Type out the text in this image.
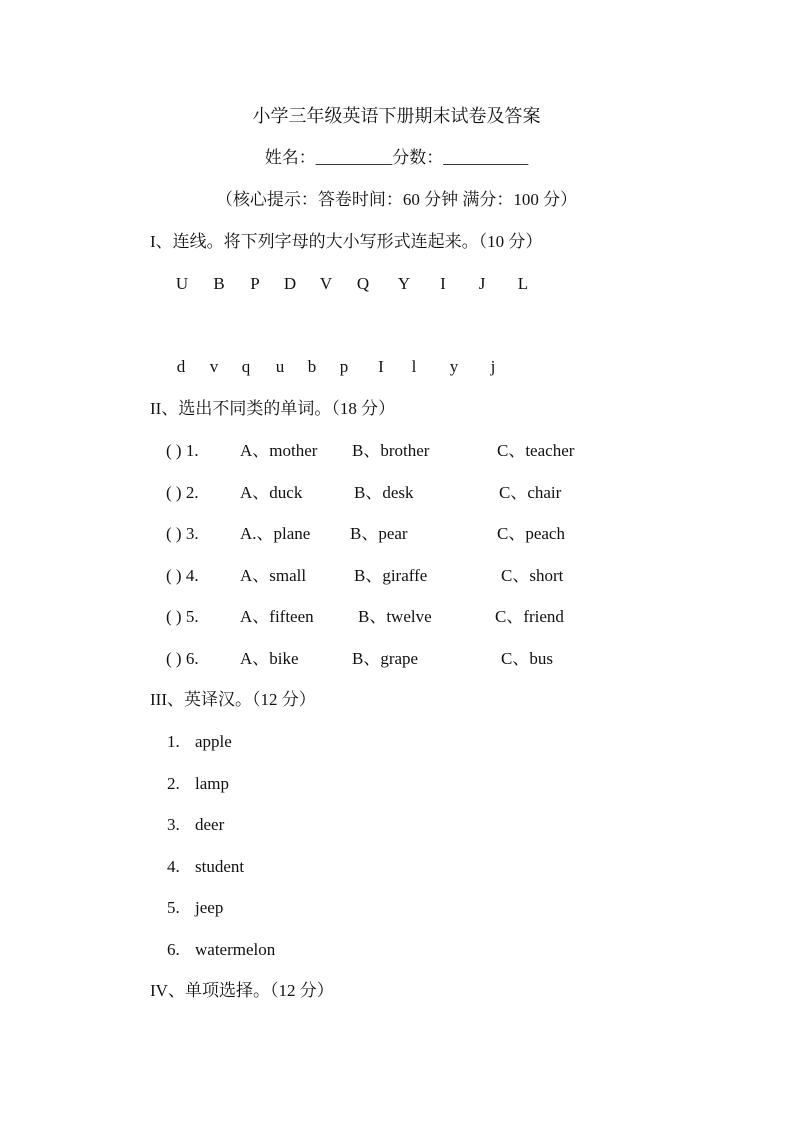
小学三年级英语下册期末试卷及答案
姓名：_________分数：__________
（核心提示：答卷时间：60 分钟 满分：100 分）
I、连线。将下列字母的大小写形式连起来。（10 分）
II、选出不同类的单词。（18 分）
III、英译汉。（12 分）
IV、单项选择。（12 分）
U	B	P	D	V	Q	Y	I	J	L
d	v	q	u	b	p	I	l	y	j
( ) 1. A、mother B、brother	C、teacher
( ) 2. A、duck	B、desk	C、chair
( ) 3. A.、plane B、pear	C、peach
( ) 4. A、small	B、giraffe	C、short
( ) 5. A、fifteen	B、twelve	C、friend
( ) 6. A、bike	B、grape	C、bus
1. apple
2. lamp
3. deer
4. student
5. jeep
6. watermelon
